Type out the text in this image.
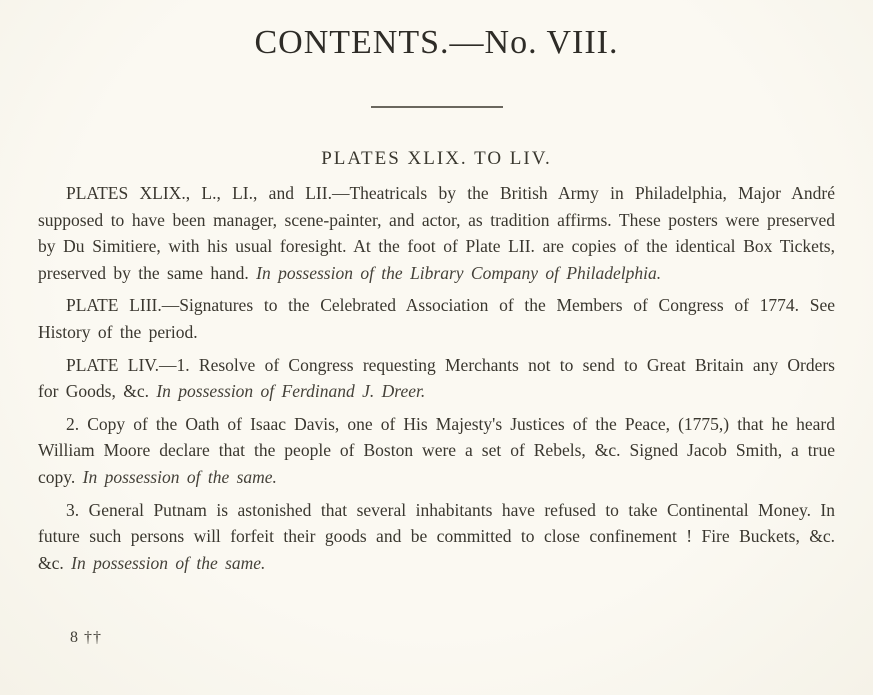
CONTENTS.—No. VIII.
PLATES XLIX. TO LIV.

PLATES XLIX., L., LI., and LII.—Theatricals by the British Army in Philadelphia, Major André supposed to have been manager, scene-painter, and actor, as tradition affirms. These posters were preserved by Du Simitiere, with his usual foresight. At the foot of Plate LII. are copies of the identical Box Tickets, preserved by the same hand. In possession of the Library Company of Philadelphia.

PLATE LIII.—Signatures to the Celebrated Association of the Members of Congress of 1774. See History of the period.

PLATE LIV.—1. Resolve of Congress requesting Merchants not to send to Great Britain any Orders for Goods, &c. In possession of Ferdinand J. Dreer.

2. Copy of the Oath of Isaac Davis, one of His Majesty's Justices of the Peace, (1775,) that he heard William Moore declare that the people of Boston were a set of Rebels, &c. Signed Jacob Smith, a true copy. In possession of the same.

3. General Putnam is astonished that several inhabitants have refused to take Continental Money. In future such persons will forfeit their goods and be committed to close confinement ! Fire Buckets, &c. &c. In possession of the same.

8 ††
